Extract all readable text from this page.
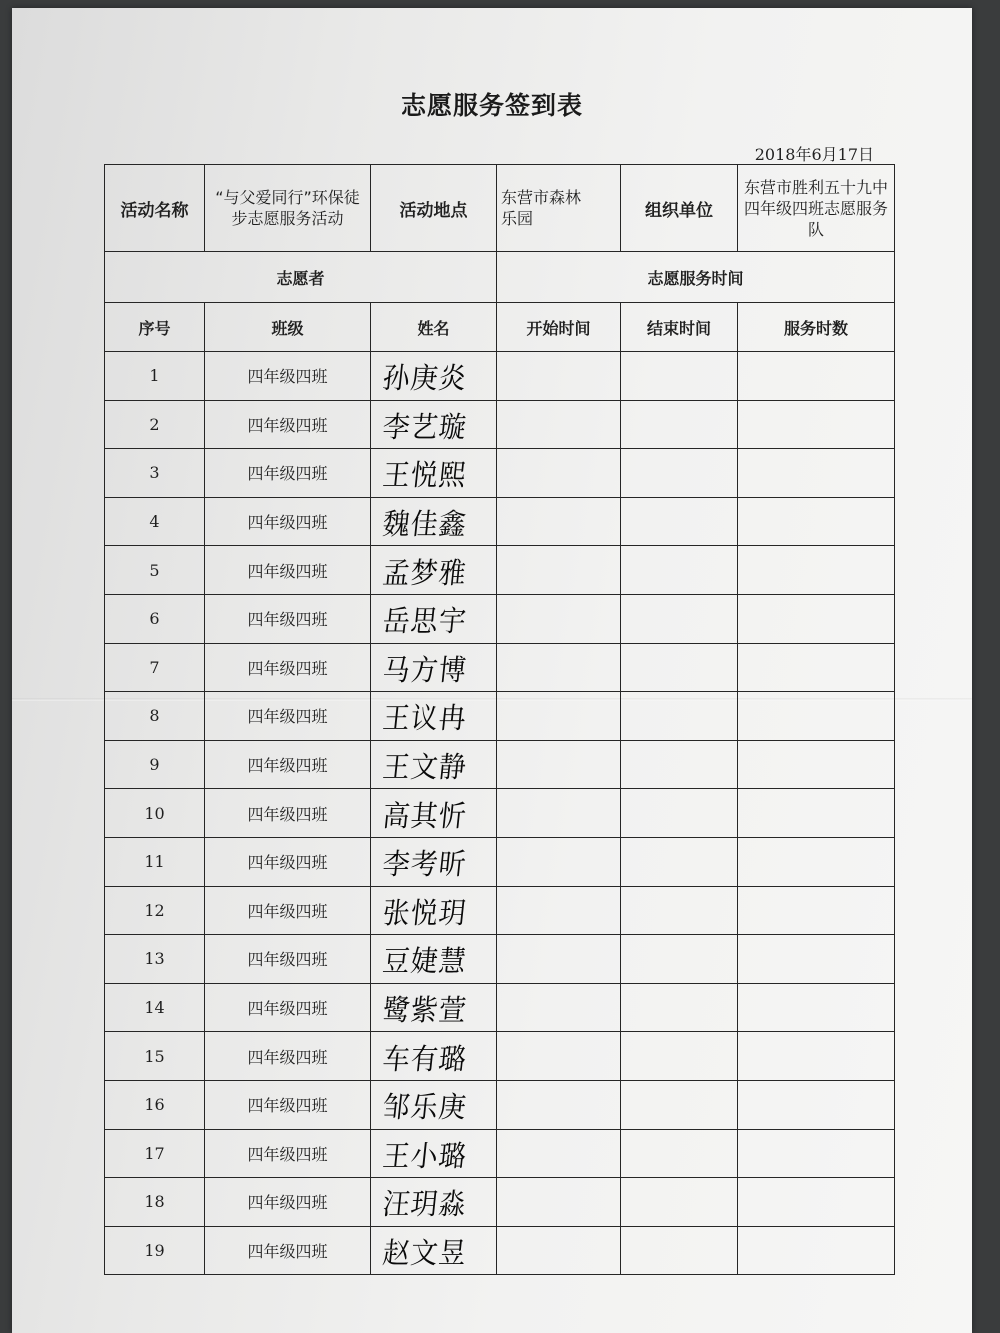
志愿服务签到表
2018年6月17日
活动名称	“与父爱同行”环保徒步志愿服务活动	活动地点	东营市森林乐园	组织单位	东营市胜利五十九中四年级四班志愿服务队
志愿者			志愿服务时间		
序号	班级	姓名	开始时间	结束时间	服务时数
1	四年级四班	孙庚炎			
2	四年级四班	李艺璇			
3	四年级四班	王悦熙			
4	四年级四班	魏佳鑫			
5	四年级四班	孟梦雅			
6	四年级四班	岳思宇			
7	四年级四班	马方博			
8	四年级四班	王议冉			
9	四年级四班	王文静			
10	四年级四班	高其忻			
11	四年级四班	李考昕			
12	四年级四班	张悦玥			
13	四年级四班	豆婕慧			
14	四年级四班	鹭紫萱			
15	四年级四班	车有璐			
16	四年级四班	邹乐庚			
17	四年级四班	王小璐			
18	四年级四班	汪玥淼			
19	四年级四班	赵文昱			
